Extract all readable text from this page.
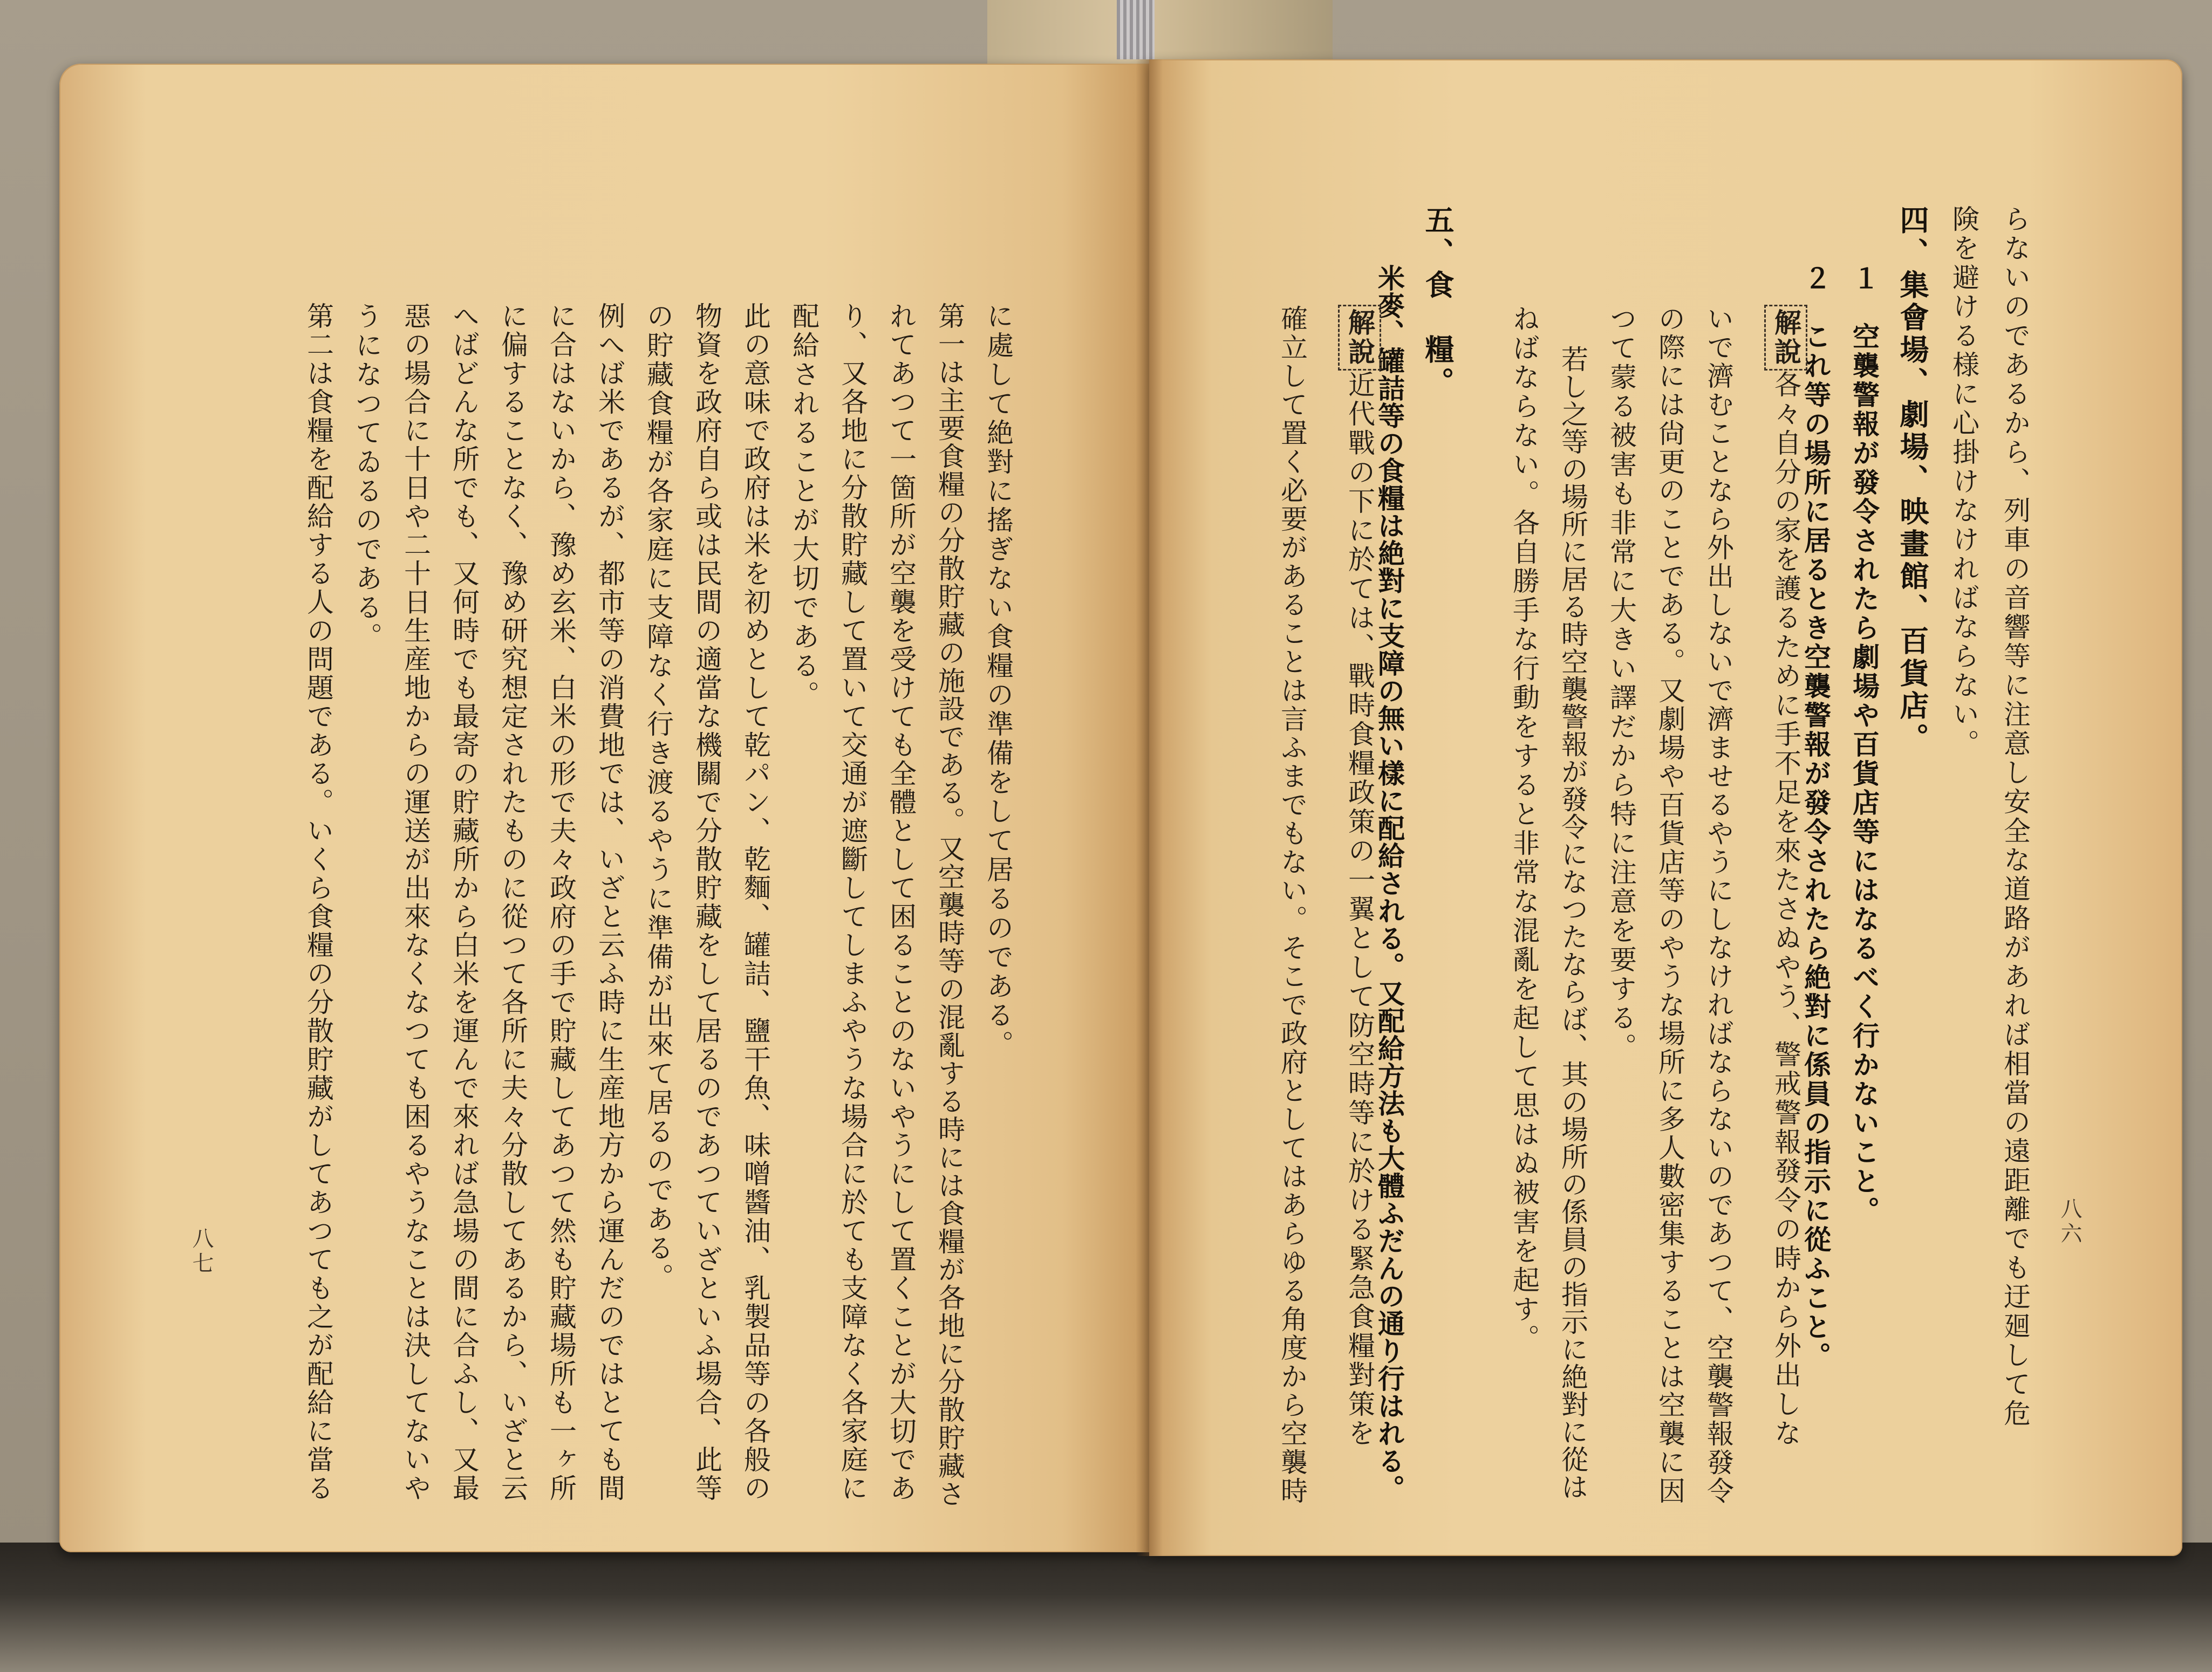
八六
八七	らないのであるから、列車の音響等に注意し安全な道路があれば相當の遠距離でも迂廻して危
険を避ける様に心掛けなければならない。
四、集會場、劇場、映畫館、百貨店。
１　空襲警報が發令されたら劇場や百貨店等にはなるべく行かないこと。
２　これ等の場所に居るとき空襲警報が發令されたら絶對に係員の指示に從ふこと。
解說各々自分の家を護るために手不足を來たさぬやう、警戒警報發令の時から外出しな
いで濟むことなら外出しないで濟ませるやうにしなければならないのであつて、空襲警報發令
の際には尙更のことである。又劇場や百貨店等のやうな場所に多人數密集することは空襲に因
つて蒙る被害も非常に大きい譯だから特に注意を要する。
若し之等の場所に居る時空襲警報が發令になつたならば、其の場所の係員の指示に絶對に從は
ねばならない。各自勝手な行動をすると非常な混亂を起して思はぬ被害を起す。
五、食　糧。
米麥、罐詰等の食糧は絶對に支障の無い樣に配給される。又配給方法も大體ふだんの通り行はれる。
解說近代戰の下に於ては、戰時食糧政策の一翼として防空時等に於ける緊急食糧對策を
確立して置く必要があることは言ふまでもない。そこで政府としてはあらゆる角度から空襲時
に處して絶對に搖ぎない食糧の準備をして居るのである。
第一は主要食糧の分散貯藏の施設である。又空襲時等の混亂する時には食糧が各地に分散貯藏さ
れてあつて一箇所が空襲を受けても全體として困ることのないやうにして置くことが大切であ
り、又各地に分散貯藏して置いて交通が遮斷してしまふやうな場合に於ても支障なく各家庭に
配給されることが大切である。
此の意味で政府は米を初めとして乾パン、乾麵、罐詰、鹽干魚、味噌醬油、乳製品等の各般の
物資を政府自ら或は民間の適當な機關で分散貯藏をして居るのであつていざといふ場合、此等
の貯藏食糧が各家庭に支障なく行き渡るやうに準備が出來て居るのである。
例へば米であるが、都市等の消費地では、いざと云ふ時に生産地方から運んだのではとても間
に合はないから、豫め玄米、白米の形で夫々政府の手で貯藏してあつて然も貯藏場所も一ヶ所
に偏することなく、豫め研究想定されたものに從つて各所に夫々分散してあるから、いざと云
へばどんな所でも、又何時でも最寄の貯藏所から白米を運んで來れば急場の間に合ふし、又最
惡の場合に十日や二十日生産地からの運送が出來なくなつても困るやうなことは決してないや
うになつてゐるのである。
第二は食糧を配給する人の問題である。いくら食糧の分散貯藏がしてあつても之が配給に當る
